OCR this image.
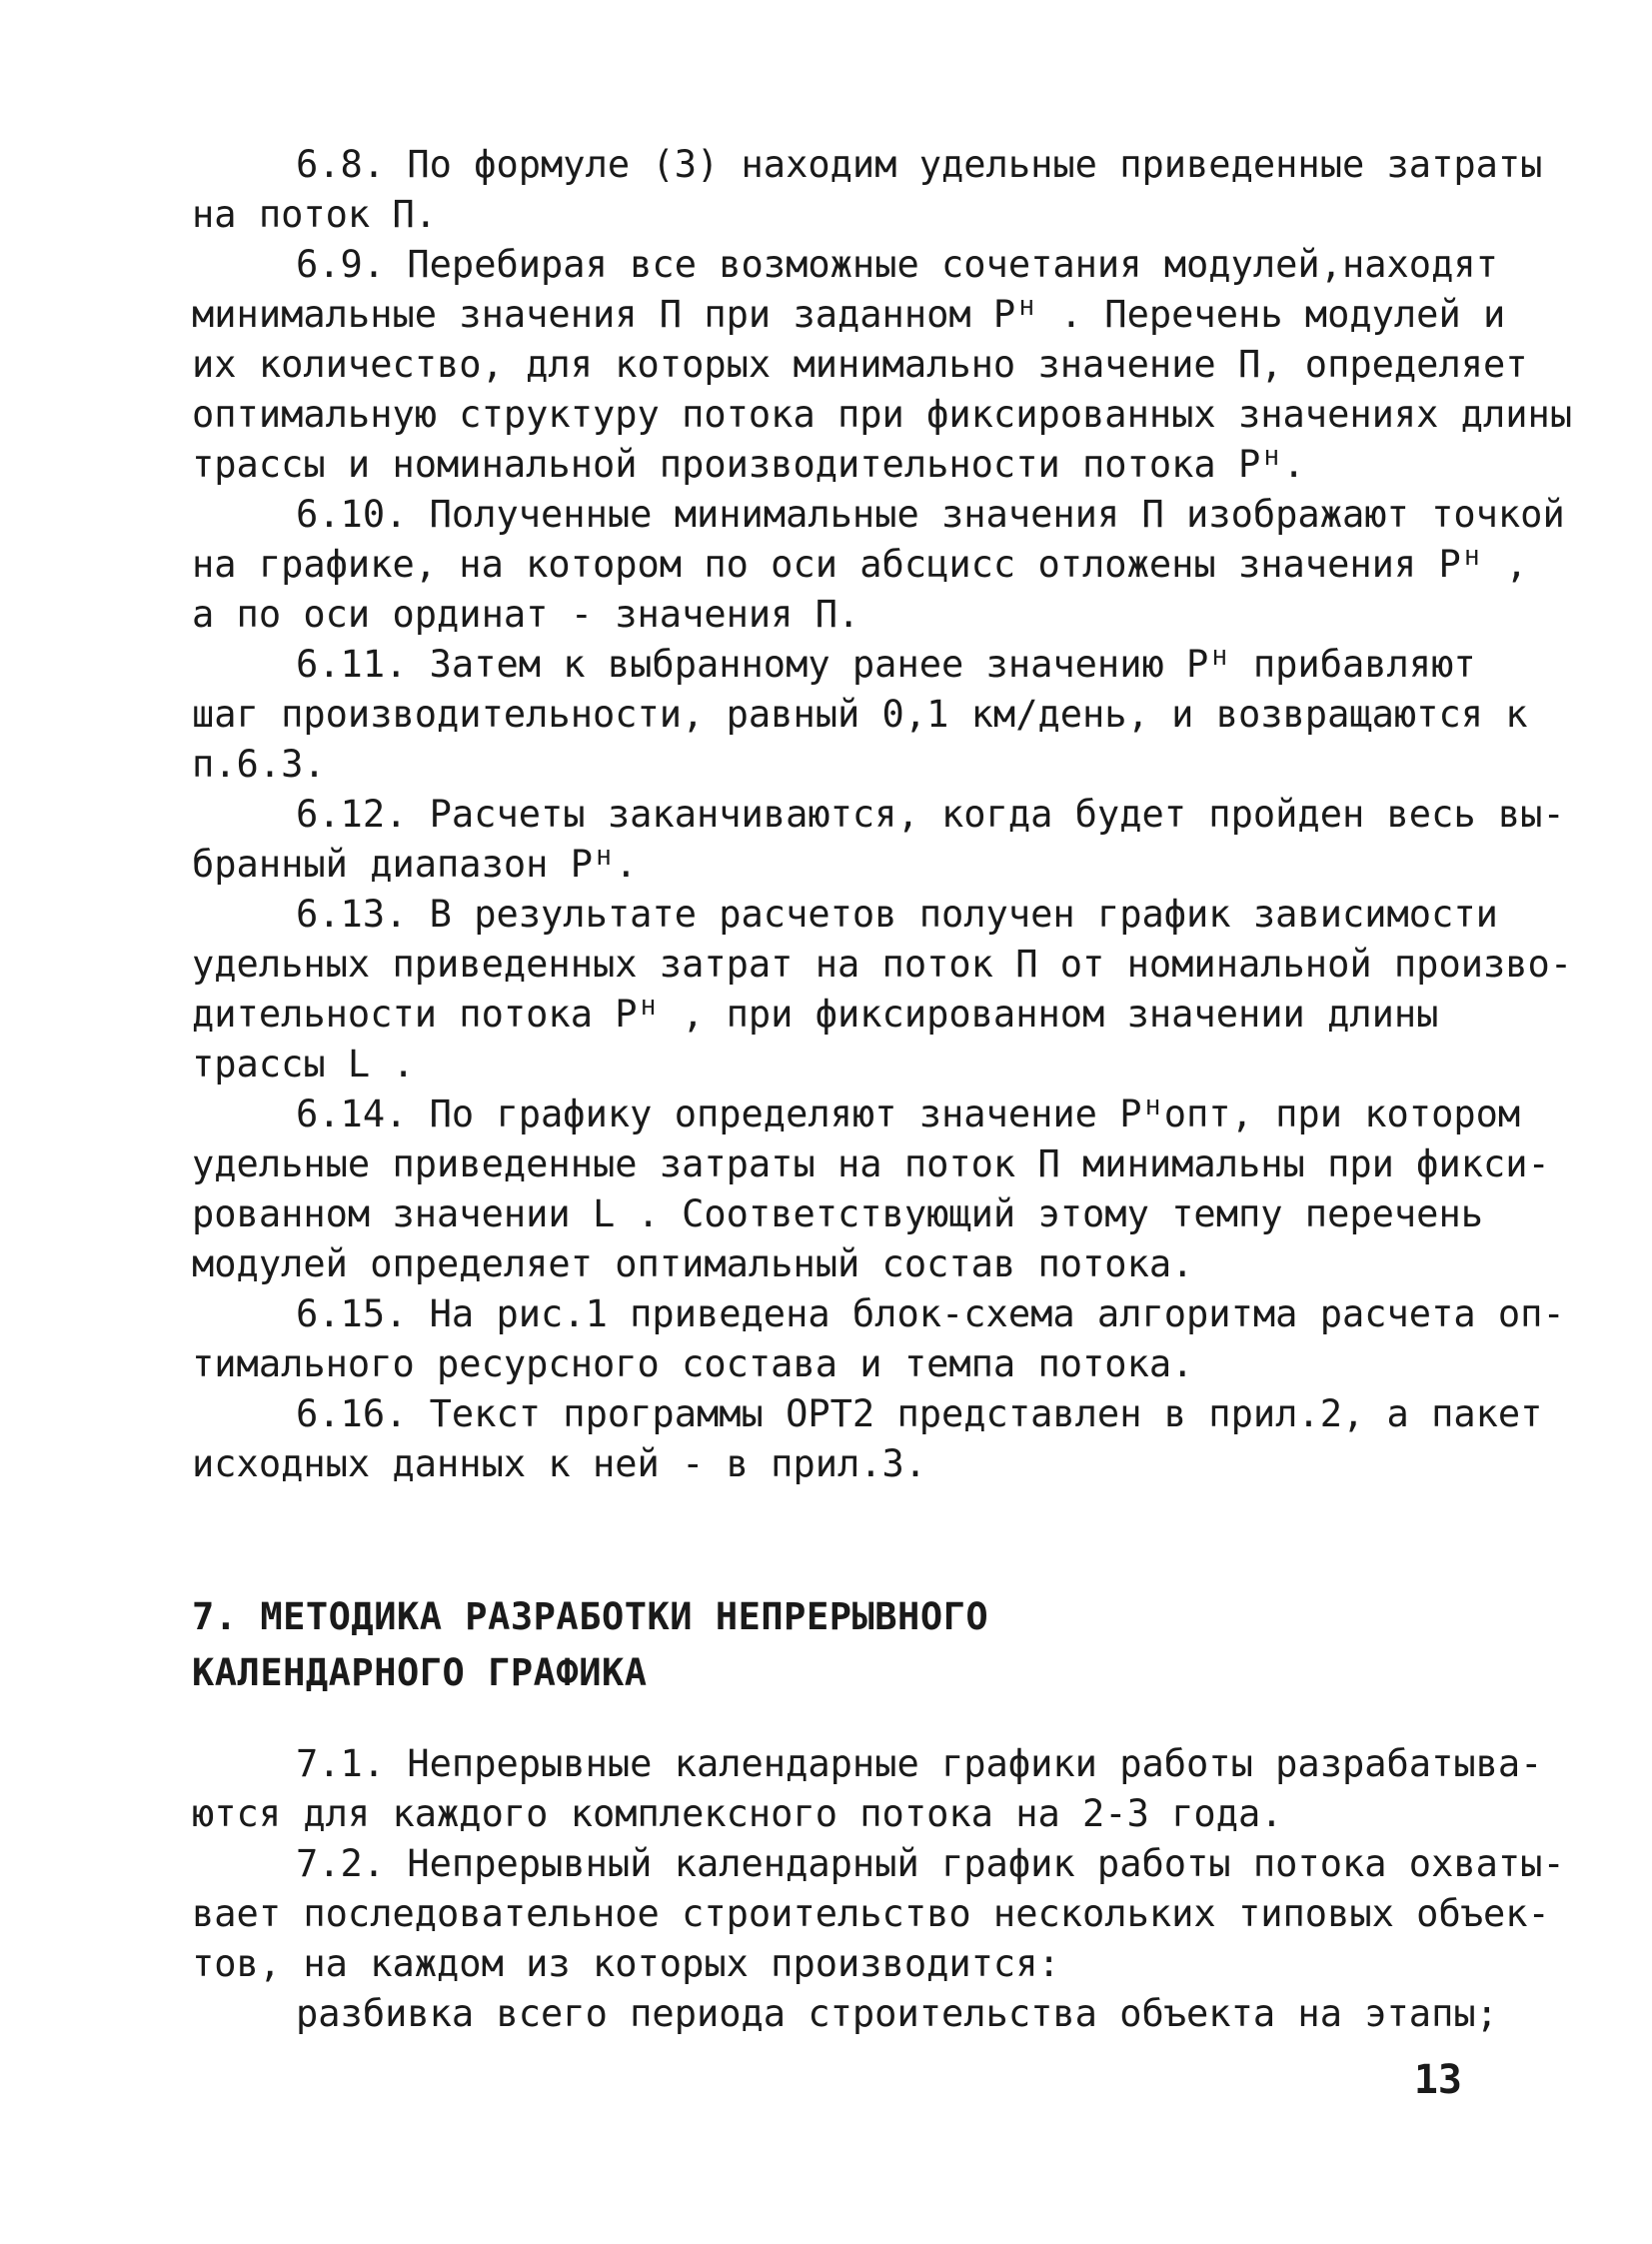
6.8. По формуле (3) находим удельные приведенные затраты
на поток П.
6.9. Перебирая все возможные сочетания модулей,находят
минимальные значения П при заданном Pᴴ . Перечень модулей и
их количество, для которых минимально значение П, определяет
оптимальную структуру потока при фиксированных значениях длины
трассы и номинальной производительности потока Pᴴ.
6.10. Полученные минимальные значения П изображают точкой
на графике, на котором по оси абсцисс отложены значения Pᴴ ,
а по оси ординат - значения П.
6.11. Затем к выбранному ранее значению Pᴴ прибавляют
шаг производительности, равный 0,1 км/день, и возвращаются к
п.6.3.
6.12. Расчеты заканчиваются, когда будет пройден весь вы-
бранный диапазон Pᴴ.
6.13. В результате расчетов получен график зависимости
удельных приведенных затрат на поток П от номинальной произво-
дительности потока Pᴴ , при фиксированном значении длины
трассы L .
6.14. По графику определяют значение Pᴴопт, при котором
удельные приведенные затраты на поток П минимальны при фикси-
рованном значении L . Соответствующий этому темпу перечень
модулей определяет оптимальный состав потока.
6.15. На рис.1 приведена блок-схема алгоритма расчета оп-
тимального ресурсного состава и темпа потока.
6.16. Текст программы ОРТ2 представлен в прил.2, а пакет
исходных данных к ней - в прил.3.
7. МЕТОДИКА РАЗРАБОТКИ НЕПРЕРЫВНОГО
КАЛЕНДАРНОГО ГРАФИКА
7.1. Непрерывные календарные графики работы разрабатыва-
ются для каждого комплексного потока на 2-3 года.
7.2. Непрерывный календарный график работы потока охваты-
вает последовательное строительство нескольких типовых объек-
тов, на каждом из которых производится:
разбивка всего периода строительства объекта на этапы;
13
